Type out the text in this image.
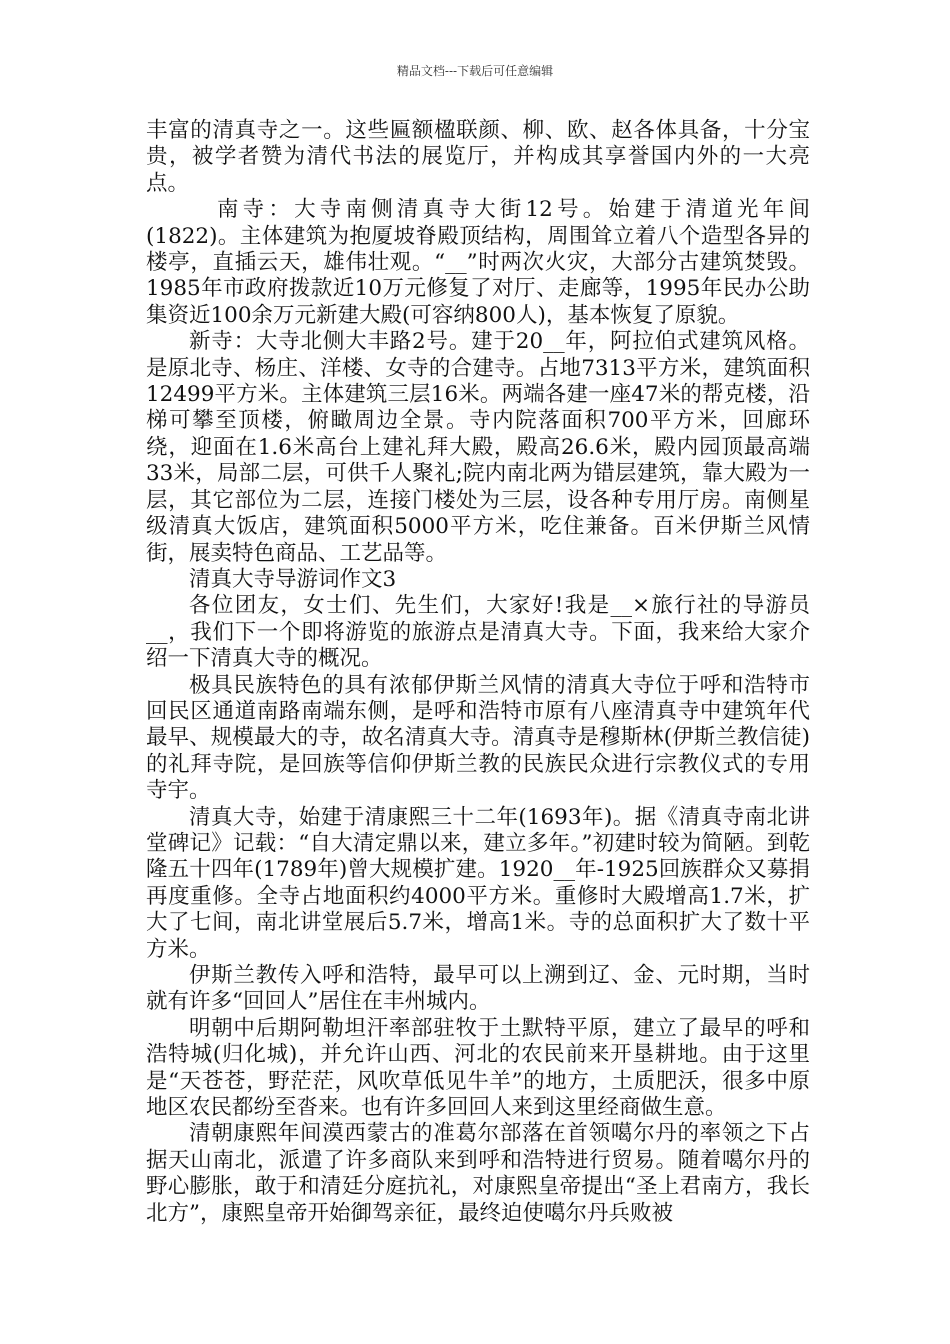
精品文档---下载后可任意编辑

丰富的清真寺之一。这些匾额楹联颜、柳、欧、赵各体具备，十分宝贵，被学者赞为清代书法的展览厅，并构成其享誉国内外的一大亮点。

南寺：大寺南侧清真寺大街12号。始建于清道光年间(1822)。主体建筑为抱厦坡脊殿顶结构，周围耸立着八个造型各异的楼亭，直插云天，雄伟壮观。“__”时两次火灾，大部分古建筑焚毁。1985年市政府拨款近10万元修复了对厅、走廊等，1995年民办公助集资近100余万元新建大殿(可容纳800人)，基本恢复了原貌。

新寺：大寺北侧大丰路2号。建于20__年，阿拉伯式建筑风格。是原北寺、杨庄、洋楼、女寺的合建寺。占地7313平方米，建筑面积12499平方米。主体建筑三层16米。两端各建一座47米的帮克楼，沿梯可攀至顶楼，俯瞰周边全景。寺内院落面积700平方米，回廊环绕，迎面在1.6米高台上建礼拜大殿，殿高26.6米，殿内园顶最高端33米，局部二层，可供千人聚礼;院内南北两为错层建筑，靠大殿为一层，其它部位为二层，连接门楼处为三层，设各种专用厅房。南侧星级清真大饭店，建筑面积5000平方米，吃住兼备。百米伊斯兰风情街，展卖特色商品、工艺品等。

清真大寺导游词作文3

各位团友，女士们、先生们，大家好!我是__×旅行社的导游员__，我们下一个即将游览的旅游点是清真大寺。下面，我来给大家介绍一下清真大寺的概况。

极具民族特色的具有浓郁伊斯兰风情的清真大寺位于呼和浩特市回民区通道南路南端东侧，是呼和浩特市原有八座清真寺中建筑年代最早、规模最大的寺，故名清真大寺。清真寺是穆斯林(伊斯兰教信徒)的礼拜寺院，是回族等信仰伊斯兰教的民族民众进行宗教仪式的专用寺宇。

清真大寺，始建于清康熙三十二年(1693年)。据《清真寺南北讲堂碑记》记载：“自大清定鼎以来，建立多年。”初建时较为简陋。到乾隆五十四年(1789年)曾大规模扩建。1920__年-1925回族群众又募捐再度重修。全寺占地面积约4000平方米。重修时大殿增高1.7米，扩大了七间，南北讲堂展后5.7米，增高1米。寺的总面积扩大了数十平方米。

伊斯兰教传入呼和浩特，最早可以上溯到辽、金、元时期，当时就有许多“回回人”居住在丰州城内。

明朝中后期阿勒坦汗率部驻牧于土默特平原，建立了最早的呼和浩特城(归化城)，并允许山西、河北的农民前来开垦耕地。由于这里是“天苍苍，野茫茫，风吹草低见牛羊”的地方，土质肥沃，很多中原地区农民都纷至沓来。也有许多回回人来到这里经商做生意。

清朝康熙年间漠西蒙古的准葛尔部落在首领噶尔丹的率领之下占据天山南北，派遣了许多商队来到呼和浩特进行贸易。随着噶尔丹的野心膨胀，敢于和清廷分庭抗礼，对康熙皇帝提出“圣上君南方，我长北方”，康熙皇帝开始御驾亲征，最终迫使噶尔丹兵败被
